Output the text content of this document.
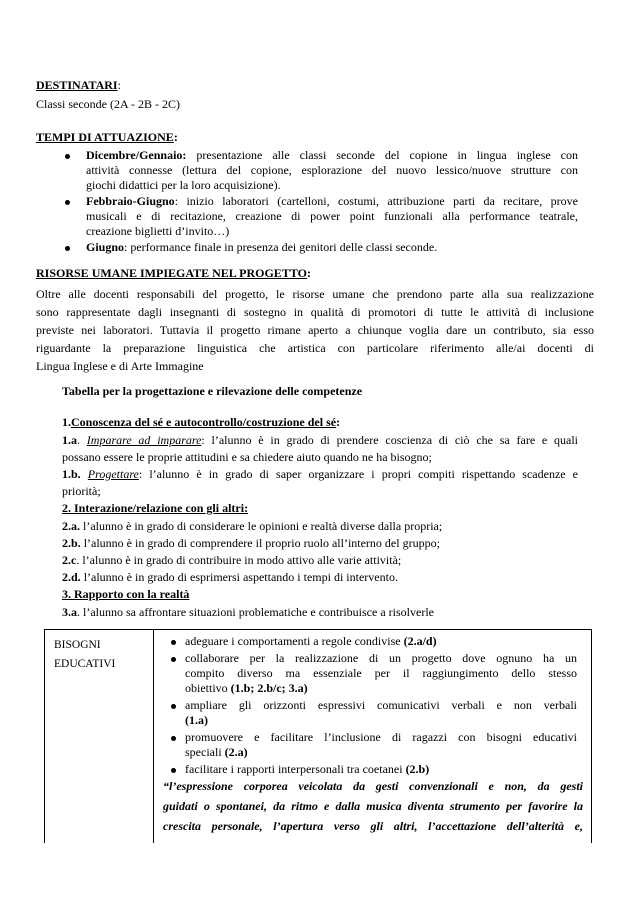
DESTINATARI:
Classi seconde (2A - 2B - 2C)
TEMPI DI ATTUAZIONE:
Dicembre/Gennaio: presentazione alle classi seconde del copione in lingua inglese con
attività connesse (lettura del copione, esplorazione del nuovo lessico/nuove strutture con
giochi didattici per la loro acquisizione).
Febbraio-Giugno: inizio laboratori (cartelloni, costumi, attribuzione parti da recitare, prove
musicali e di recitazione, creazione di power point funzionali alla performance teatrale,
creazione biglietti d’invito…)
Giugno: performance finale in presenza dei genitori delle classi seconde.
RISORSE UMANE IMPIEGATE NEL PROGETTO:
Oltre alle docenti responsabili del progetto, le risorse umane che prendono parte alla sua realizzazione
sono rappresentate dagli insegnanti di sostegno in qualità di promotori di tutte le attività di inclusione
previste nei laboratori. Tuttavia il progetto rimane aperto a chiunque voglia dare un contributo, sia esso
riguardante la preparazione linguistica che artistica con particolare riferimento alle/ai docenti di
Lingua Inglese e di Arte Immagine
Tabella per la progettazione e rilevazione delle competenze
1.Conoscenza del sé e autocontrollo/costruzione del sé:
1.a. Imparare ad imparare: l’alunno è in grado di prendere coscienza di ciò che sa fare e quali
possano essere le proprie attitudini e sa chiedere aiuto quando ne ha bisogno;
1.b. Progettare: l’alunno è in grado di saper organizzare i propri compiti rispettando scadenze e
priorità;
2. Interazione/relazione con gli altri:
2.a. l’alunno è in grado di considerare le opinioni e realtà diverse dalla propria;
2.b. l’alunno è in grado di comprendere il proprio ruolo all’interno del gruppo;
2.c. l’alunno è in grado di contribuire in modo attivo alle varie attività;
2.d. l’alunno è in grado di esprimersi aspettando i tempi di intervento.
3. Rapporto con la realtà
3.a. l’alunno sa affrontare situazioni problematiche e contribuisce a risolverle
BISOGNI
EDUCATIVI
adeguare i comportamenti a regole condivise (2.a/d)
collaborare per la realizzazione di un progetto dove ognuno ha un
compito diverso ma essenziale per il raggiungimento dello stesso
obiettivo (1.b; 2.b/c; 3.a)
ampliare gli orizzonti espressivi comunicativi verbali e non verbali
(1.a)
promuovere e facilitare l’inclusione di ragazzi con bisogni educativi
speciali (2.a)
facilitare i rapporti interpersonali tra coetanei (2.b)
“l’espressione corporea veicolata da gesti convenzionali e non, da gesti
guidati o spontanei, da ritmo e dalla musica diventa strumento per favorire la
crescita personale, l’apertura verso gli altri, l’accettazione dell’alterità e,
